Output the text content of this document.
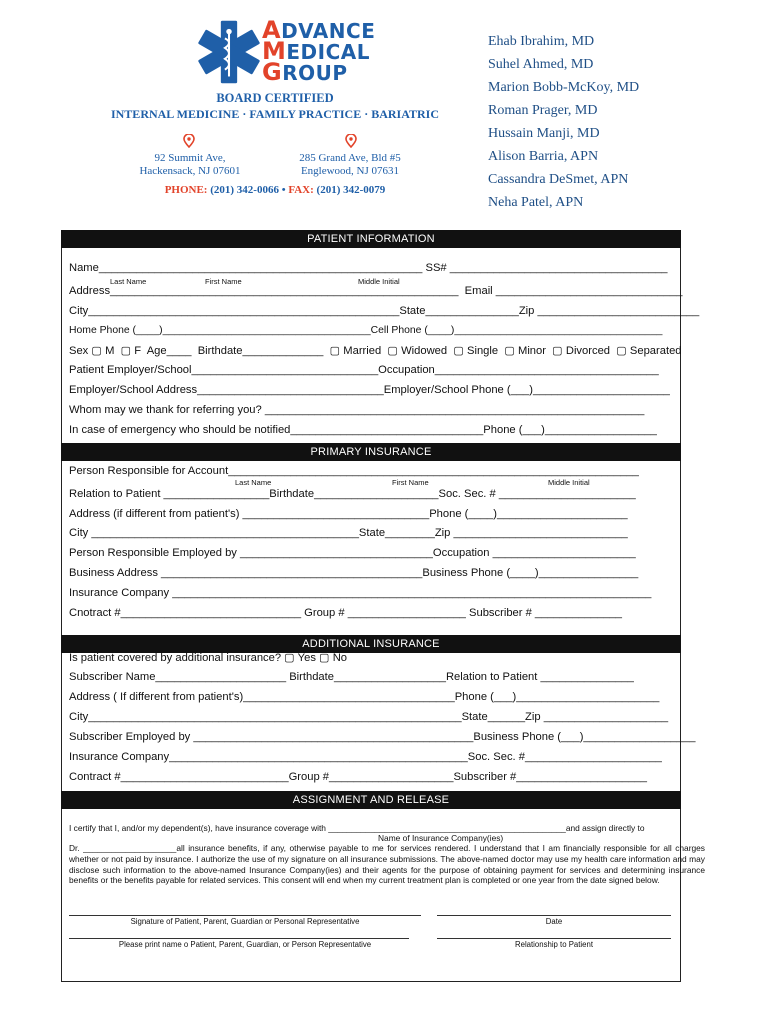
ADVANCE
MEDICAL
GROUP
BOARD CERTIFIED
INTERNAL MEDICINE · FAMILY PRACTICE · BARIATRIC
92 Summit Ave,
Hackensack, NJ 07601
285 Grand Ave, Bld #5
Englewood, NJ 07631
PHONE: (201) 342-0066 • FAX: (201) 342-0079
Ehab Ibrahim, MD
Suhel Ahmed, MD
Marion Bobb-McKoy, MD
Roman Prager, MD
Hussain Manji, MD
Alison Barria, APN
Cassandra DeSmet, APN
Neha Patel, APN
PATIENT INFORMATION
Name____________________________________________________ SS# ___________________________________
Last Name	First Name	Middle Initial
Address________________________________________________________  Email ______________________________
City__________________________________________________State_______________Zip __________________________
Home Phone (____)____________________________________Cell Phone (____)____________________________________
Sex ▢ M  ▢ F  Age____  Birthdate_____________  ▢ Married  ▢ Widowed  ▢ Single  ▢ Minor  ▢ Divorced  ▢ Separated
Patient Employer/School______________________________Occupation____________________________________
Employer/School Address______________________________Employer/School Phone (___)______________________
Whom may we thank for referring you? _____________________________________________________________
In case of emergency who should be notified_______________________________Phone (___)__________________
PRIMARY INSURANCE
Person Responsible for Account__________________________________________________________________
Last Name	First Name	Middle Initial
Relation to Patient _________________Birthdate____________________Soc. Sec. # ______________________
Address (if different from patient's) ______________________________Phone (____)_____________________
City ___________________________________________State________Zip ____________________________
Person Responsible Employed by _______________________________Occupation _______________________
Business Address __________________________________________Business Phone (____)________________
Insurance Company _____________________________________________________________________________
Cnotract #_____________________________ Group # ___________________ Subscriber # ______________
ADDITIONAL INSURANCE
Is patient covered by additional insurance? ▢ Yes ▢ No
Subscriber Name_____________________ Birthdate__________________Relation to Patient _______________
Address ( If different from patient's)__________________________________Phone (___)_______________________
City____________________________________________________________State______Zip ____________________
Subscriber Employed by _____________________________________________Business Phone (___)__________________
Insurance Company________________________________________________Soc. Sec. #______________________
Contract #___________________________Group #____________________Subscriber #_____________________
ASSIGNMENT AND RELEASE
I certify that I, and/or my dependent(s), have insurance coverage with ___________________________________________________and assign directly to
Name of Insurance Company(ies)
Dr. ____________________all insurance benefits, if any, otherwise payable to me for services rendered. I understand that I am financially responsible for all charges whether or not paid by insurance. I authorize the use of my signature on all insurance submissions. The above-named doctor may use my health care information and may disclose such information to the above-named Insurance Company(ies) and their agents for the purpose of obtaining payment for services and determining insurance benefits or the benefits payable for related services. This consent will end when my current treatment plan is completed or one year from the date signed below.
Signature of Patient, Parent, Guardian or Personal Representative	Date
Please print name o Patient, Parent, Guardian, or Person Representative	Relationship to Patient
